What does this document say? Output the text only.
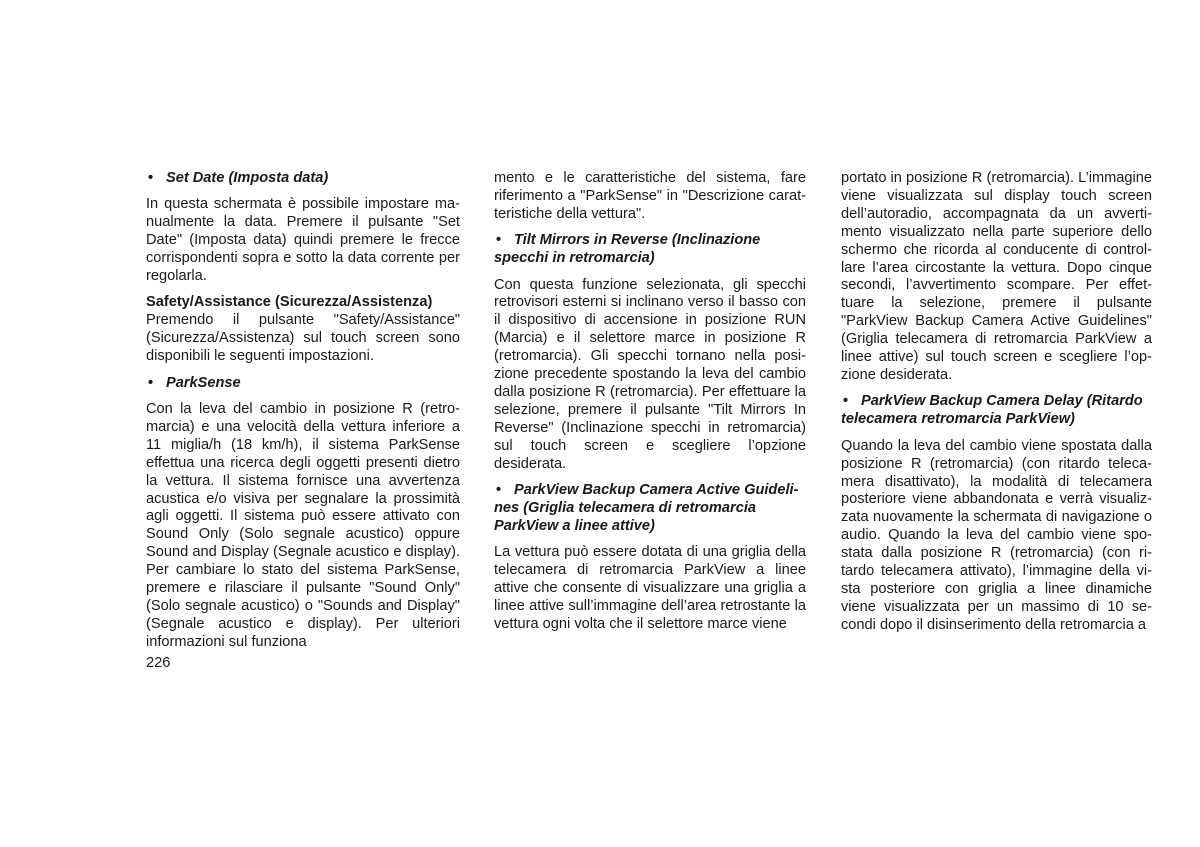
• Set Date (Imposta data)

In questa schermata è possibile impostare manualmente la data. Premere il pulsante "Set Date" (Imposta data) quindi premere le frecce corrispondenti sopra e sotto la data corrente per regolarla.

Safety/Assistance (Sicurezza/Assistenza)

Premendo il pulsante "Safety/Assistance" (Sicurezza/Assistenza) sul touch screen sono disponibili le seguenti impostazioni.

• ParkSense

Con la leva del cambio in posizione R (retromarcia) e una velocità della vettura inferiore a 11 miglia/h (18 km/h), il sistema ParkSense effettua una ricerca degli oggetti presenti dietro la vettura. Il sistema fornisce una avvertenza acustica e/o visiva per segnalare la prossimità agli oggetti. Il sistema può essere attivato con Sound Only (Solo segnale acustico) oppure Sound and Display (Segnale acustico e display). Per cambiare lo stato del sistema ParkSense, premere e rilasciare il pulsante "Sound Only" (Solo segnale acustico) o "Sounds and Display" (Segnale acustico e display). Per ulteriori informazioni sul funziona

mento e le caratteristiche del sistema, fare riferimento a "ParkSense" in "Descrizione caratteristiche della vettura".

• Tilt Mirrors in Reverse (Inclinazione specchi in retromarcia)

Con questa funzione selezionata, gli specchi retrovisori esterni si inclinano verso il basso con il dispositivo di accensione in posizione RUN (Marcia) e il selettore marce in posizione R (retromarcia). Gli specchi tornano nella posizione precedente spostando la leva del cambio dalla posizione R (retromarcia). Per effettuare la selezione, premere il pulsante "Tilt Mirrors In Reverse" (Inclinazione specchi in retromarcia) sul touch screen e scegliere l’opzione desiderata.

• ParkView Backup Camera Active Guidelines (Griglia telecamera di retromarcia ParkView a linee attive)

La vettura può essere dotata di una griglia della telecamera di retromarcia ParkView a linee attive che consente di visualizzare una griglia a linee attive sull’immagine dell’area retrostante la vettura ogni volta che il selettore marce viene

portato in posizione R (retromarcia). L’immagine viene visualizzata sul display touch screen dell’autoradio, accompagnata da un avvertimento visualizzato nella parte superiore dello schermo che ricorda al conducente di controllare l’area circostante la vettura. Dopo cinque secondi, l’avvertimento scompare. Per effettuare la selezione, premere il pulsante "ParkView Backup Camera Active Guidelines" (Griglia telecamera di retromarcia ParkView a linee attive) sul touch screen e scegliere l’opzione desiderata.

• ParkView Backup Camera Delay (Ritardo telecamera retromarcia ParkView)

Quando la leva del cambio viene spostata dalla posizione R (retromarcia) (con ritardo telecamera disattivato), la modalità di telecamera posteriore viene abbandonata e verrà visualizzata nuovamente la schermata di navigazione o audio. Quando la leva del cambio viene spostata dalla posizione R (retromarcia) (con ritardo telecamera attivato), l’immagine della vista posteriore con griglia a linee dinamiche viene visualizzata per un massimo di 10 secondi dopo il disinserimento della retromarcia a

226
